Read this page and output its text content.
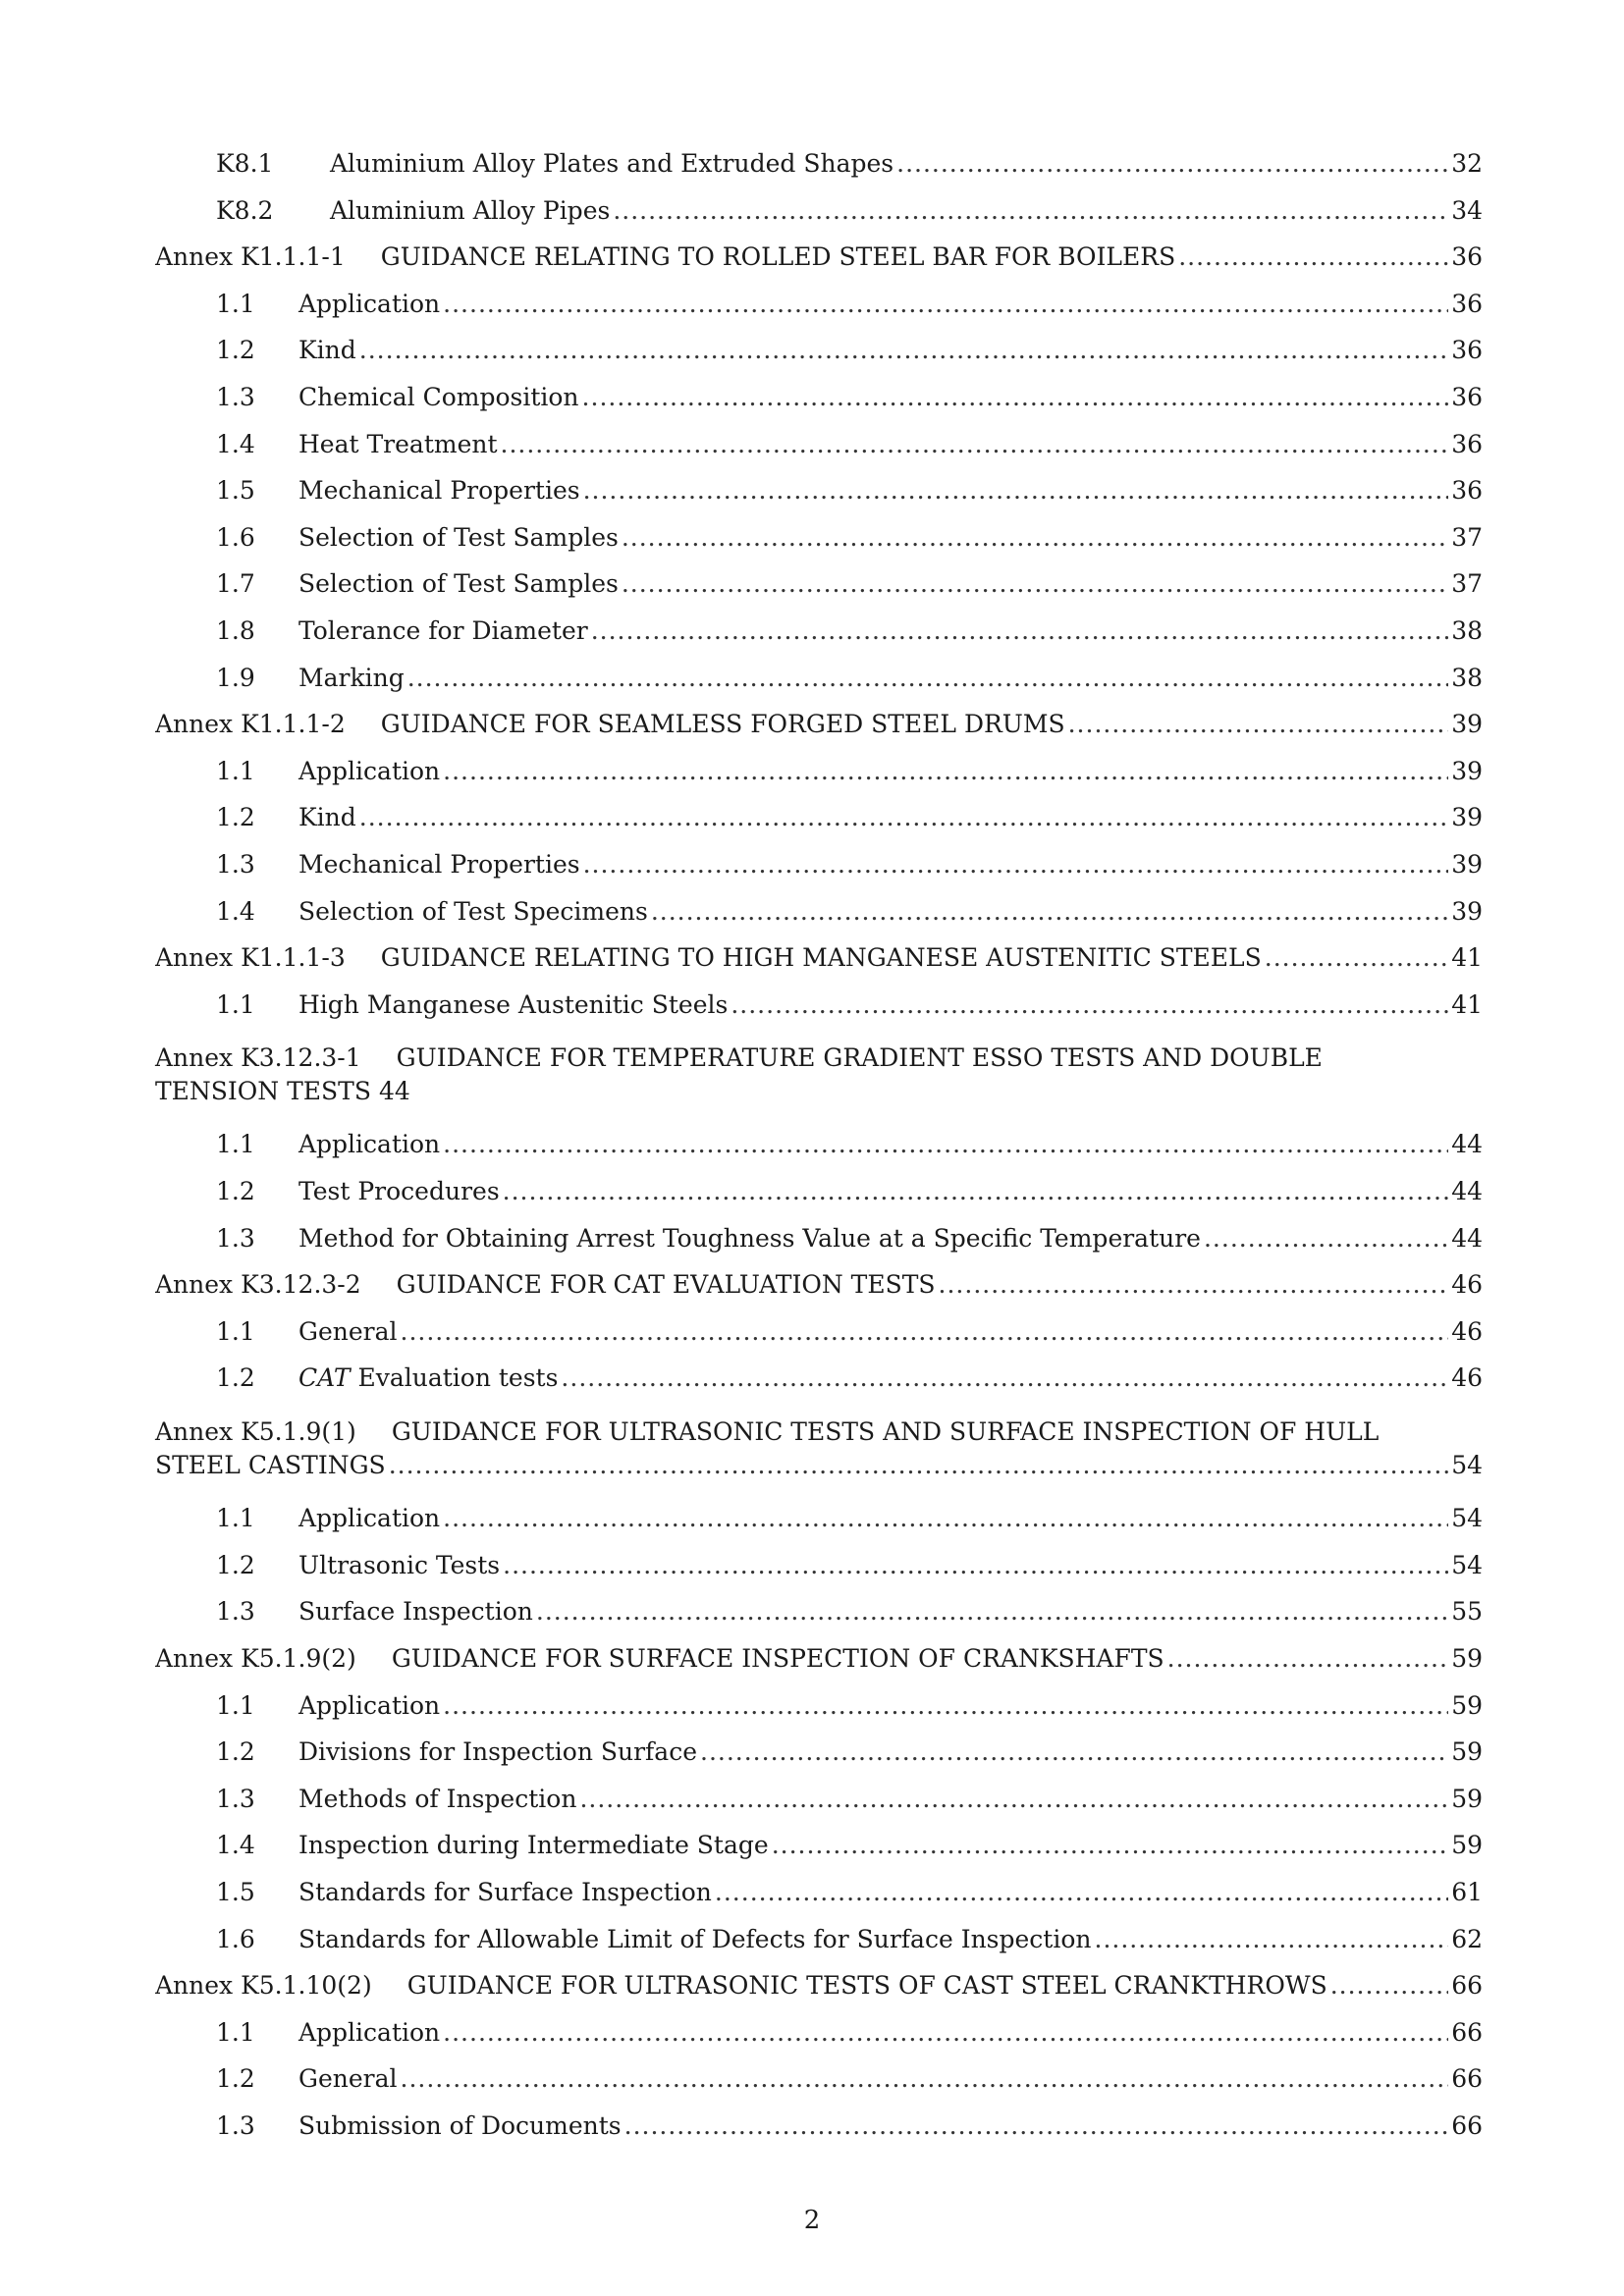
K8.1	Aluminium Alloy Plates and Extruded Shapes .....	32
K8.2	Aluminium Alloy Pipes .....	34
Annex K1.1.1-1 GUIDANCE RELATING TO ROLLED STEEL BAR FOR BOILERS .....	36
1.1	Application .....	36
1.2	Kind .....	36
1.3	Chemical Composition .....	36
1.4	Heat Treatment .....	36
1.5	Mechanical Properties .....	36
1.6	Selection of Test Samples .....	37
1.7	Selection of Test Samples .....	37
1.8	Tolerance for Diameter .....	38
1.9	Marking .....	38
Annex K1.1.1-2 GUIDANCE FOR SEAMLESS FORGED STEEL DRUMS .....	39
1.1	Application .....	39
1.2	Kind .....	39
1.3	Mechanical Properties .....	39
1.4	Selection of Test Specimens .....	39
Annex K1.1.1-3 GUIDANCE RELATING TO HIGH MANGANESE AUSTENITIC STEELS .....	41
1.1	High Manganese Austenitic Steels .....	41
Annex K3.12.3-1 GUIDANCE FOR TEMPERATURE GRADIENT ESSO TESTS AND DOUBLE
TENSION TESTS 44
1.1	Application .....	44
1.2	Test Procedures .....	44
1.3	Method for Obtaining Arrest Toughness Value at a Specific Temperature .....	44
Annex K3.12.3-2 GUIDANCE FOR CAT EVALUATION TESTS .....	46
1.1	General .....	46
1.2	CAT Evaluation tests .....	46
Annex K5.1.9(1) GUIDANCE FOR ULTRASONIC TESTS AND SURFACE INSPECTION OF HULL
STEEL CASTINGS .....	54
1.1	Application .....	54
1.2	Ultrasonic Tests .....	54
1.3	Surface Inspection .....	55
Annex K5.1.9(2) GUIDANCE FOR SURFACE INSPECTION OF CRANKSHAFTS .....	59
1.1	Application .....	59
1.2	Divisions for Inspection Surface .....	59
1.3	Methods of Inspection .....	59
1.4	Inspection during Intermediate Stage .....	59
1.5	Standards for Surface Inspection .....	61
1.6	Standards for Allowable Limit of Defects for Surface Inspection .....	62
Annex K5.1.10(2) GUIDANCE FOR ULTRASONIC TESTS OF CAST STEEL CRANKTHROWS .....	66
1.1	Application .....	66
1.2	General .....	66
1.3	Submission of Documents .....	66
2
